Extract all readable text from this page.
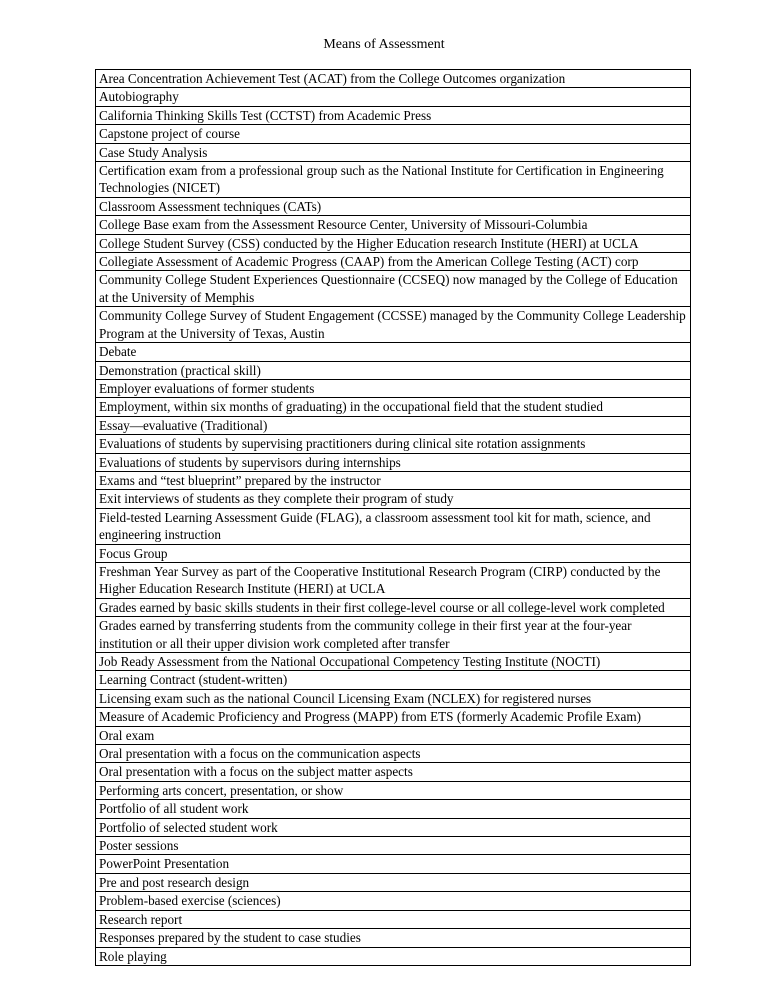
Means of Assessment
Area Concentration Achievement Test (ACAT) from the College Outcomes organization
Autobiography
California Thinking Skills Test (CCTST) from Academic Press
Capstone project of course
Case Study Analysis
Certification exam from a professional group such as the National Institute for Certification in Engineering Technologies (NICET)
Classroom Assessment techniques (CATs)
College Base exam from the Assessment Resource Center, University of Missouri-Columbia
College Student Survey (CSS) conducted by the Higher Education research Institute (HERI) at UCLA
Collegiate Assessment of Academic Progress (CAAP) from the American College Testing (ACT) corp
Community College Student Experiences Questionnaire (CCSEQ) now managed by the College of Education at the University of Memphis
Community College Survey of Student Engagement (CCSSE) managed by the Community College Leadership Program at the University of Texas, Austin
Debate
Demonstration (practical skill)
Employer evaluations of former students
Employment, within six months of graduating) in the occupational field that the student studied
Essay—evaluative (Traditional)
Evaluations of students by supervising practitioners during clinical site rotation assignments
Evaluations of students by supervisors during internships
Exams and “test blueprint” prepared by the instructor
Exit interviews of students as they complete their program of study
Field-tested Learning Assessment Guide (FLAG), a classroom assessment tool kit for math, science, and engineering instruction
Focus Group
Freshman Year Survey as part of the Cooperative Institutional Research Program (CIRP) conducted by the Higher Education Research Institute (HERI) at UCLA
Grades earned by basic skills students in their first college-level course or all college-level work completed
Grades earned by transferring students from the community college in their first year at the four-year institution or all their upper division work completed after transfer
Job Ready Assessment from the National Occupational Competency Testing Institute (NOCTI)
Learning Contract (student-written)
Licensing exam such as the national Council Licensing Exam (NCLEX) for registered nurses
Measure of Academic Proficiency and Progress (MAPP) from ETS (formerly Academic Profile Exam)
Oral exam
Oral presentation with a focus on the communication aspects
Oral presentation with a focus on the subject matter aspects
Performing arts concert, presentation, or show
Portfolio of all student work
Portfolio of selected student work
Poster sessions
PowerPoint Presentation
Pre and post research design
Problem-based exercise (sciences)
Research report
Responses prepared by the student to case studies
Role playing
